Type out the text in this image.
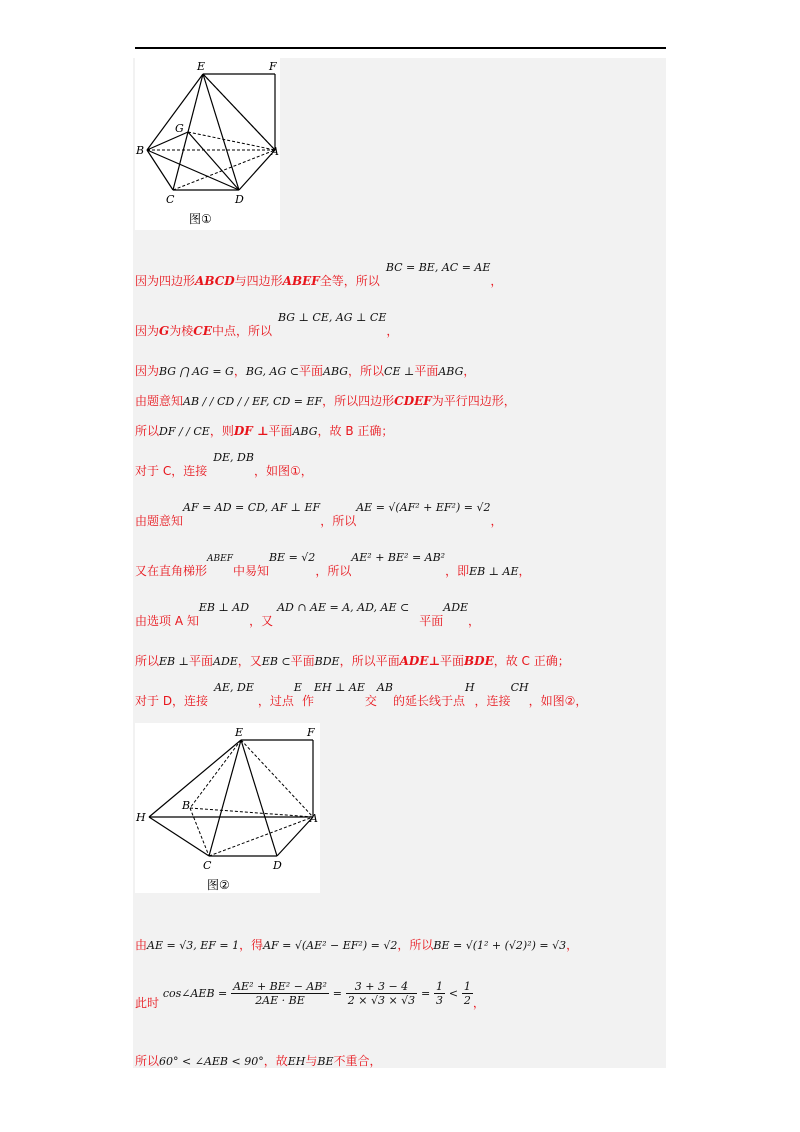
E	F
G
B	A
C	D
图①
E	F
H
B
A
C	D
图②
因为四边形ABCD与四边形ABEF全等，所以BC = BE, AC = AE，
因为G为棱CE中点，所以BG ⊥ CE, AG ⊥ CE，
因为BG ⋂ AG = G，BG, AG ⊂平面ABG，所以CE ⊥平面ABG，
由题意知AB / / CD / / EF, CD = EF，所以四边形CDEF为平行四边形，
所以DF / / CE，则DF ⊥平面ABG，故 B 正确；
对于 C，连接DE, DB，如图①，
由题意知AF = AD = CD, AF ⊥ EF，所以AE = √(AF² + EF²) = √2，
又在直角梯形$^{ABEF}$中易知BE = √2，所以AE² + BE² = AB²，即EB ⊥ AE，
由选项 A 知EB ⊥ AD，又AD ∩ AE = A, AD, AE ⊂平面ADE，
所以EB ⊥平面ADE，又EB ⊂平面BDE，所以平面ADE⊥平面BDE，故 C 正确；
对于 D，连接AE, DE，过点E作EH ⊥ AE交AB的延长线于点H，连接CH，如图②，
由AE = √3, EF = 1，得AF = √(AE² − EF²) = √2，所以BE = √(1² + (√2)²) = √3，
此时 cos∠AEB = $\frac{\text{AE² + BE² − AB²}}{2AE \cdot BE} = \frac{3 + 3 - 4}{2 \times √3 \times √3} = \frac{1}{3} < \frac{1}{2}$ ，
所以60° < ∠AEB < 90°，故EH与BE不重合，
